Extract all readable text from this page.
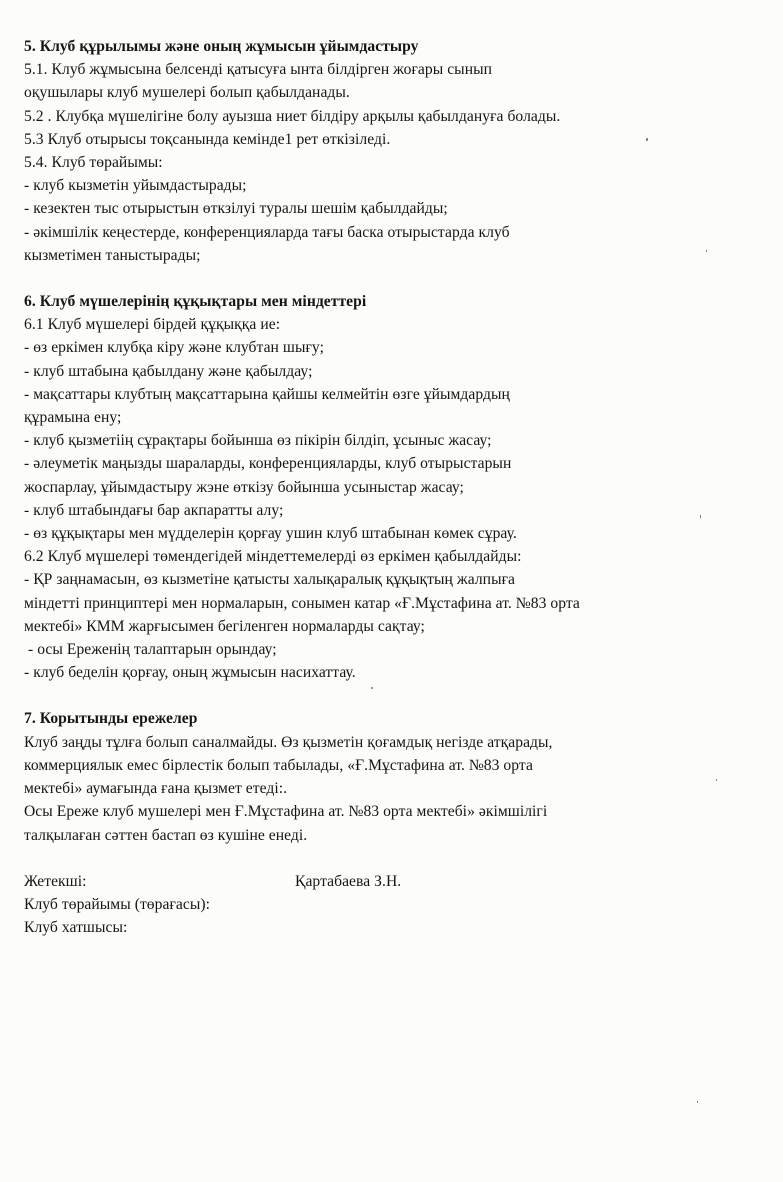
5. Клуб құрылымы және оның жұмысын ұйымдастыру
5.1. Клуб жұмысына белсенді қатысуға ынта білдірген жоғары сынып
оқушылары клуб мушелері болып қабылданады.
5.2 . Клубқа мүшелігіне болу ауызша ниет білдіру арқылы қабылдануға болады.
5.3 Клуб отырысы тоқсанында кемінде1 рет өткізіледі.
5.4. Клуб төрайымы:
- клуб кызметін уйымдастырады;
- кезектен тыс отырыстын өткзілуі туралы шешім қабылдайды;
- әкімшілік кеңестерде, конференцияларда тағы баска отырыстарда клуб
кызметімен таныстырады;
6. Клуб мүшелерінің құқықтары мен міндеттері
6.1 Клуб мүшелері бірдей құқыққа ие:
- өз еркімен клубқа кіру және клубтан шығу;
- клуб штабына қабылдану және қабылдау;
- мақсаттары клубтың мақсаттарына қайшы келмейтін өзге ұйымдардың
құрамына ену;
- клуб қызметіің сұрақтары бойынша өз пікірін білдіп, ұсыныс жасау;
- әлеуметік маңызды шараларды, конференцияларды, клуб отырыстарын
жоспарлау, ұйымдастыру жэне өткізу бойынша усыныстар жасау;
- клуб штабындағы бар акпаратты алу;
- өз құқықтары мен мүдделерін қорғау ушин клуб штабынан көмек сұрау.
6.2 Клуб мүшелері төмендегідей міндеттемелерді өз еркімен қабылдайды:
- ҚР заңнамасын, өз кызметіне қатысты халықаралық құқықтың жалпыға
міндетті принциптері мен нормаларын, сонымен катар «Ғ.Мұстафина ат. №83 орта
мектебі» КММ жарғысымен бегіленген нормаларды сақтау;
- осы Ереженің талаптарын орындау;
- клуб беделін қорғау, оның жұмысын насихаттау.
7. Корытынды ережелер
Клуб заңды тұлға болып саналмайды. Өз қызметін қоғамдық негізде атқарады,
коммерциялык емес бірлестік болып табылады, «Ғ.Мұстафина ат. №83 орта
мектебі» аумағында ғана қызмет етеді:.
Осы Ереже клуб мушелері мен Ғ.Мұстафина ат. №83 орта мектебі» әкімшілігі
талқылаған сәттен бастап өз кушіне енеді.
Жетекші:	Қартабаева З.Н.
Клуб төрайымы (төрағасы):
Клуб хатшысы:
